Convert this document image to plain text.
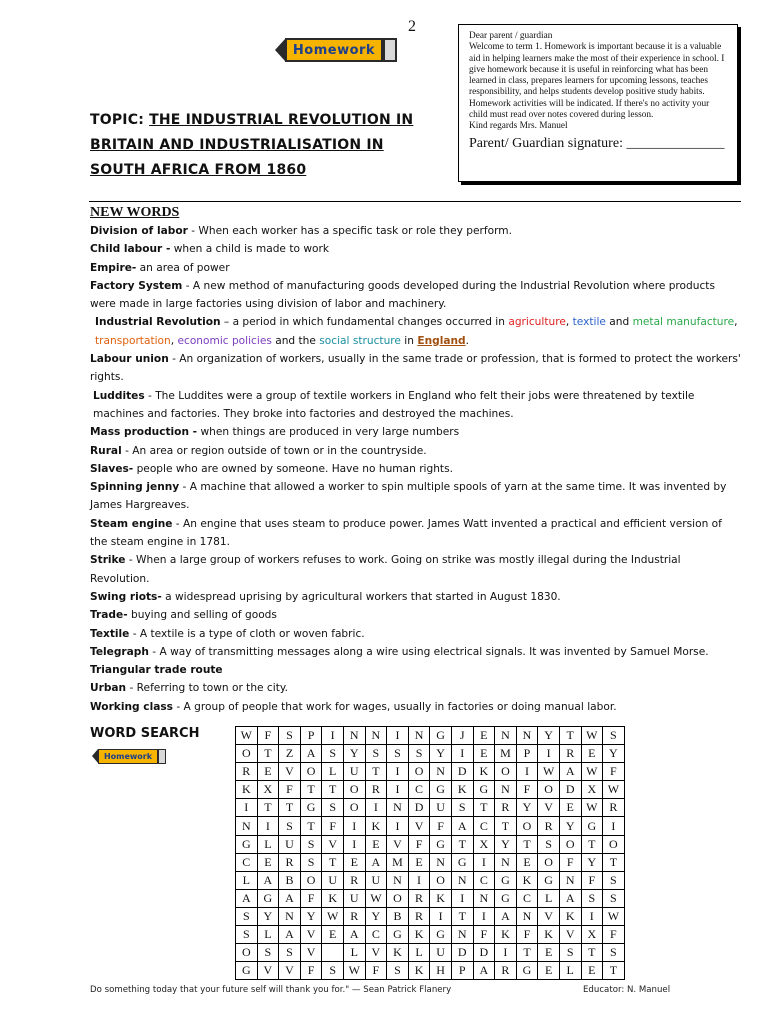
2
Homework
TOPIC: THE INDUSTRIAL REVOLUTION IN
BRITAIN AND INDUSTRIALISATION IN
SOUTH AFRICA FROM 1860
Dear parent / guardian
Welcome to term 1. Homework is important because it is a valuable aid in helping learners make the most of their experience in school. I give homework because it is useful in reinforcing what has been learned in class, prepares learners for upcoming lessons, teaches responsibility, and helps students develop positive study habits. Homework activities will be indicated. If there's no activity your child must read over notes covered during lesson.
Kind regards Mrs. Manuel
Parent/ Guardian signature: ______________
NEW WORDS
Division of labor - When each worker has a specific task or role they perform.
Child labour - when a child is made to work
Empire- an area of power
Factory System - A new method of manufacturing goods developed during the Industrial Revolution where products were made in large factories using division of labor and machinery.
Industrial Revolution – a period in which fundamental changes occurred in agriculture, textile and metal manufacture, transportation, economic policies and the social structure in England.
Labour union - An organization of workers, usually in the same trade or profession, that is formed to protect the workers' rights.
Luddites - The Luddites were a group of textile workers in England who felt their jobs were threatened by textile machines and factories. They broke into factories and destroyed the machines.
Mass production - when things are produced in very large numbers
Rural - An area or region outside of town or in the countryside.
Slaves- people who are owned by someone. Have no human rights.
Spinning jenny - A machine that allowed a worker to spin multiple spools of yarn at the same time. It was invented by James Hargreaves.
Steam engine - An engine that uses steam to produce power. James Watt invented a practical and efficient version of the steam engine in 1781.
Strike - When a large group of workers refuses to work. Going on strike was mostly illegal during the Industrial Revolution.
Swing riots- a widespread uprising by agricultural workers that started in August 1830.
Trade- buying and selling of goods
Textile - A textile is a type of cloth or woven fabric.
Telegraph - A way of transmitting messages along a wire using electrical signals. It was invented by Samuel Morse.
Triangular trade route
Urban - Referring to town or the city.
Working class - A group of people that work for wages, usually in factories or doing manual labor.
WORD SEARCH
Homework
W	F	S	P	I	N	N	I	N	G	J	E	N	N	Y	T	W	S
O	T	Z	A	S	Y	S	S	S	Y	I	E	M	P	I	R	E	Y
R	E	V	O	L	U	T	I	O	N	D	K	O	I	W	A	W	F
K	X	F	T	T	O	R	I	C	G	K	G	N	F	O	D	X	W
I	T	T	G	S	O	I	N	D	U	S	T	R	Y	V	E	W	R
N	I	S	T	F	I	K	I	V	F	A	C	T	O	R	Y	G	I
G	L	U	S	V	I	E	V	F	G	T	X	Y	T	S	O	T	O
C	E	R	S	T	E	A	M	E	N	G	I	N	E	O	F	Y	T
L	A	B	O	U	R	U	N	I	O	N	C	G	K	G	N	F	S
A	G	A	F	K	U	W	O	R	K	I	N	G	C	L	A	S	S
S	Y	N	Y	W	R	Y	B	R	I	T	I	A	N	V	K	I	W
S	L	A	V	E	A	C	G	K	G	N	F	K	F	K	V	X	F
O	S	S	V		L	V	K	L	U	D	D	I	T	E	S	T	S
G	V	V	F	S	W	F	S	K	H	P	A	R	G	E	L	E	T
Do something today that your future self will thank you for." — Sean Patrick Flanery	Educator: N. Manuel
